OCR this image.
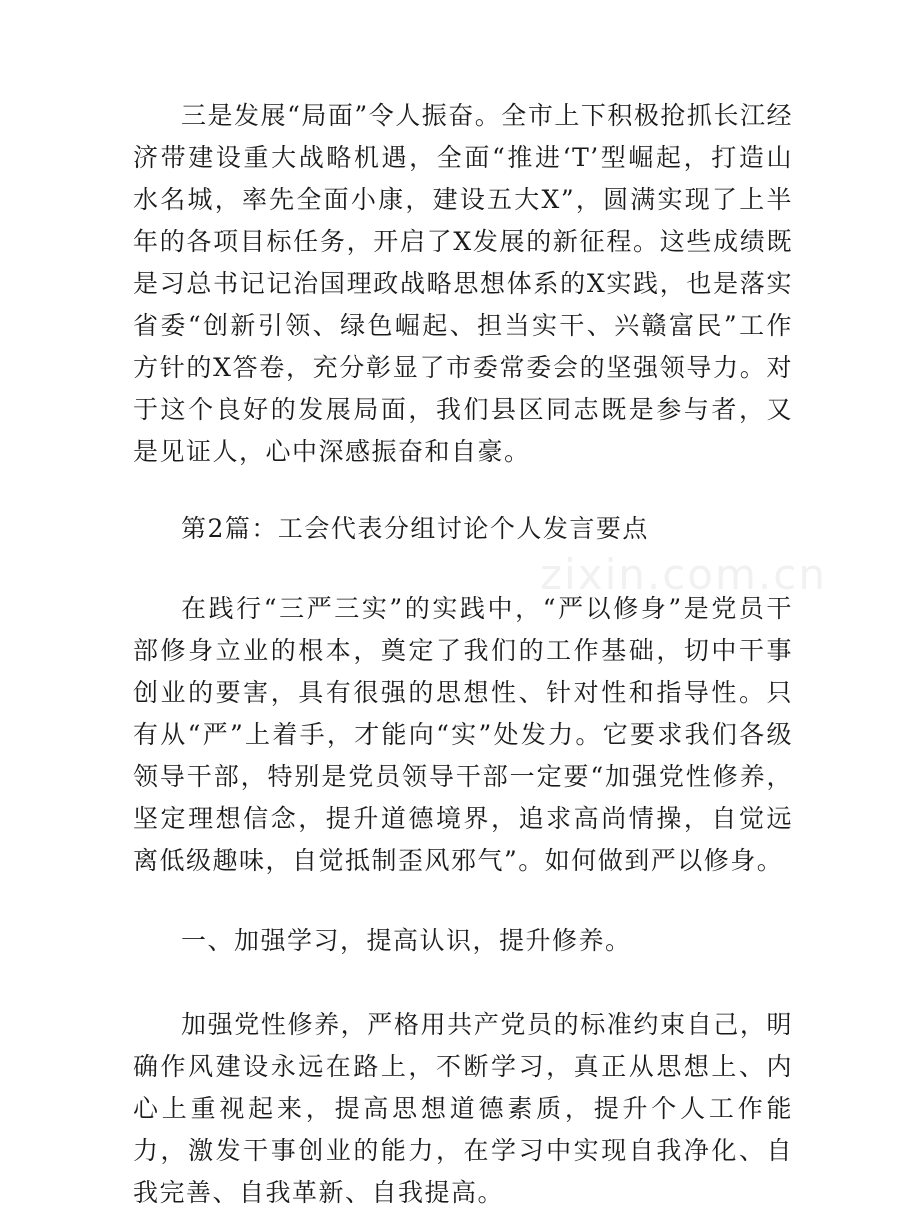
三是发展“局面”令人振奋。全市上下积极抢抓长江经济带建设重大战略机遇，全面“推进‘T’型崛起，打造山水名城，率先全面小康，建设五大X”，圆满实现了上半年的各项目标任务，开启了X发展的新征程。这些成绩既是习总书记记治国理政战略思想体系的X实践，也是落实省委“创新引领、绿色崛起、担当实干、兴赣富民”工作方针的X答卷，充分彰显了市委常委会的坚强领导力。对于这个良好的发展局面，我们县区同志既是参与者，又是见证人，心中深感振奋和自豪。

第2篇：工会代表分组讨论个人发言要点

在践行“三严三实”的实践中，“严以修身”是党员干部修身立业的根本，奠定了我们的工作基础，切中干事创业的要害，具有很强的思想性、针对性和指导性。只有从“严”上着手，才能向“实”处发力。它要求我们各级领导干部，特别是党员领导干部一定要“加强党性修养，坚定理想信念，提升道德境界，追求高尚情操，自觉远离低级趣味，自觉抵制歪风邪气”。如何做到严以修身。

一、加强学习，提高认识，提升修养。

加强党性修养，严格用共产党员的标准约束自己，明确作风建设永远在路上，不断学习，真正从思想上、内心上重视起来，提高思想道德素质，提升个人工作能力，激发干事创业的能力，在学习中实现自我净化、自我完善、自我革新、自我提高。

zixin.com.cn
